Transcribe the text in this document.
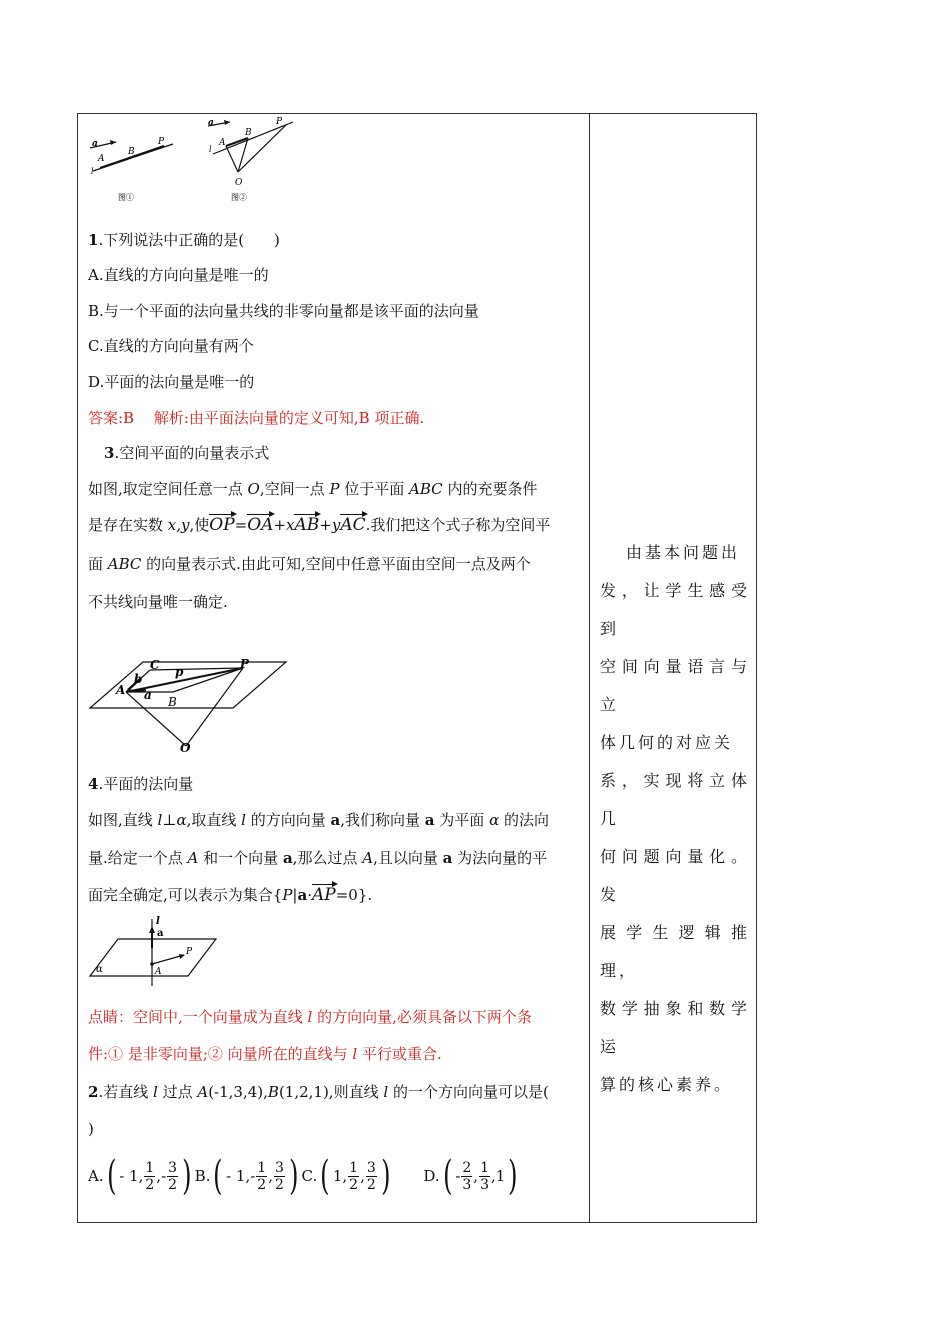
a
A
B
P
l
图①
a
A
B
P
l
O
图②
1.下列说法中正确的是(　　)
A.直线的方向向量是唯一的
B.与一个平面的法向量共线的非零向量都是该平面的法向量
C.直线的方向向量有两个
D.平面的法向量是唯一的
答案:B　 解析:由平面法向量的定义可知,B 项正确.
3.空间平面的向量表示式
如图,取定空间任意一点 O,空间一点 P 位于平面 ABC 内的充要条件
是存在实数 x,y,使OP=OA+xAB+yAC.我们把这个式子称为空间平
面 ABC 的向量表示式.由此可知,空间中任意平面由空间一点及两个
不共线向量唯一确定.
C p
P
b
A a B
O
4.平面的法向量
如图,直线 l⊥α,取直线 l 的方向向量 a,我们称向量 a 为平面 α 的法向
量.给定一个点 A 和一个向量 a,那么过点 A,且以向量 a 为法向量的平
面完全确定,可以表示为集合{P|a·AP=0}.
l
a
P
A
α
点睛：空间中,一个向量成为直线 l 的方向向量,必须具备以下两个条
件:① 是非零向量;② 向量所在的直线与 l 平行或重合.
2.若直线 l 过点 A(-1,3,4),B(1,2,1),则直线 l 的一个方向向量可以是(
)
A. ( - 1, $\frac{1}{2}$ ,- $\frac{3}{2}$ ) B. ( - $1,- \frac{1}{2}$ , $\frac{3}{2}$ ) C. ( 1, $\frac{1}{2}$ , $\frac{3}{2}$ ) D. ( - $\frac{2}{3}$ , $\frac{1}{3} ,1$ )
由基本问题出
发，让学生感受到
空间向量语言与立
体几何的对应关
系，实现将立体几
何问题向量化。发
展学生逻辑推理，
数学抽象和数学运
算的核心素养。
